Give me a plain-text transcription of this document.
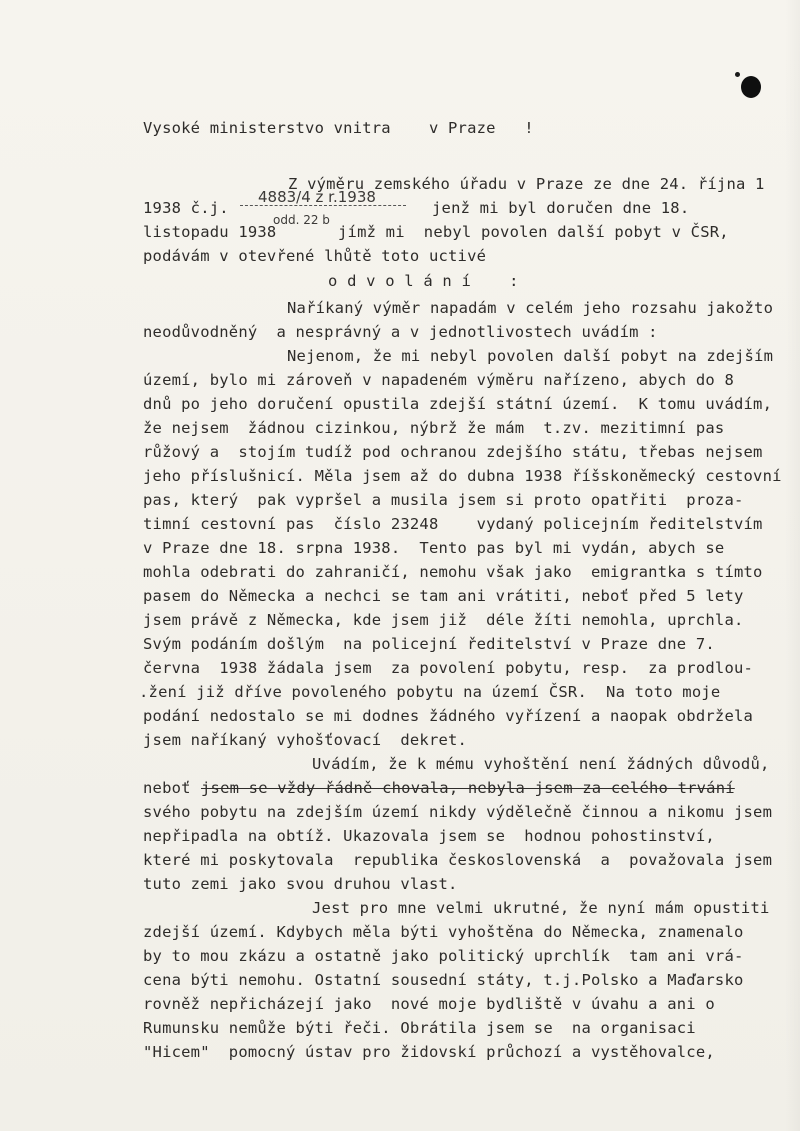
Vysoké ministerstvo vnitra    v Praze   !
Z výměru zemského úřadu v Praze ze dne 24. října 1
1938 č.j.
4883/4 z r.1938
jenž mi byl doručen dne 18.
listopadu 1938
odd. 22 b
jímž mi  nebyl povolen další pobyt v ČSR,
podávám v otevřené lhůtě toto uctivé
o d v o l á n í    :
Naříkaný výměr napadám v celém jeho rozsahu jakožto
neodůvodněný  a nesprávný a v jednotlivostech uvádím :
Nejenom, že mi nebyl povolen další pobyt na zdejším
území, bylo mi zároveň v napadeném výměru nařízeno, abych do 8
dnů po jeho doručení opustila zdejší státní území.  K tomu uvádím,
že nejsem  žádnou cizinkou, nýbrž že mám  t.zv. mezitimní pas
růžový a  stojím tudíž pod ochranou zdejšího státu, třebas nejsem
jeho příslušnicí. Měla jsem až do dubna 1938 říšskoněmecký cestovní
pas, který  pak vypršel a musila jsem si proto opatřiti  proza-
timní cestovní pas  číslo 23248    vydaný policejním ředitelstvím
v Praze dne 18. srpna 1938.  Tento pas byl mi vydán, abych se
mohla odebrati do zahraničí, nemohu však jako  emigrantka s tímto
pasem do Německa a nechci se tam ani vrátiti, neboť před 5 lety
jsem právě z Německa, kde jsem již  déle žíti nemohla, uprchla.
Svým podáním došlým  na policejní ředitelství v Praze dne 7.
června  1938 žádala jsem  za povolení pobytu, resp.  za prodlou-
.žení již dříve povoleného pobytu na území ČSR.  Na toto moje
podání nedostalo se mi dodnes žádného vyřízení a naopak obdržela
jsem naříkaný vyhošťovací  dekret.
Uvádím, že k mému vyhoštění není žádných důvodů,
neboť jsem se vždy řádně chovala, nebyla jsem za celého trvání
svého pobytu na zdejším území nikdy výdělečně činnou a nikomu jsem
nepřipadla na obtíž. Ukazovala jsem se  hodnou pohostinství,
které mi poskytovala  republika československá  a  považovala jsem
tuto zemi jako svou druhou vlast.
Jest pro mne velmi ukrutné, že nyní mám opustiti
zdejší území. Kdybych měla býti vyhoštěna do Německa, znamenalo
by to mou zkázu a ostatně jako politický uprchlík  tam ani vrá-
cena býti nemohu. Ostatní sousední státy, t.j.Polsko a Maďarsko
rovněž nepřicházejí jako  nové moje bydliště v úvahu a ani o
Rumunsku nemůže býti řeči. Obrátila jsem se  na organisaci
"Hicem"  pomocný ústav pro židovskí průchozí a vystěhovalce,
